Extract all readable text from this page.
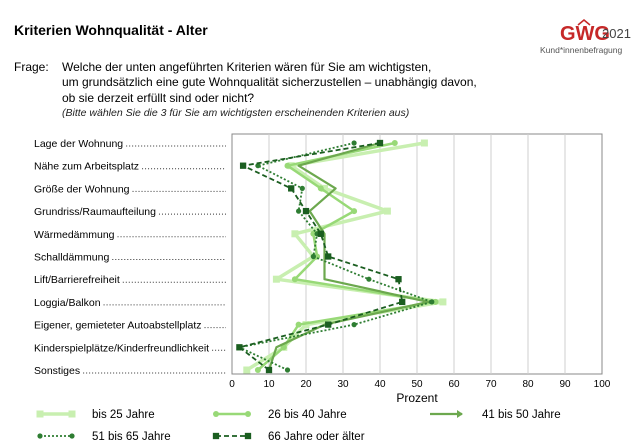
Kriterien Wohnqualität - Alter	GWG
2021
Kund*innenbefragung
Frage: Welche der unten angeführten Kriterien wären für Sie am wichtigsten,
um grundsätzlich eine gute Wohnqualität sicherzustellen – unabhängig davon,
ob sie derzeit erfüllt sind oder nicht?
(Bitte wählen Sie die 3 für Sie am wichtigsten erscheinenden Kriterien aus)
0	10	20	30	40	50	60	70	80	90 100
Prozent
Lage der Wohnung
Nähe zum Arbeitsplatz
Größe der Wohnung
Grundriss/Raumaufteilung
Wärmedämmung
Schalldämmung
Lift/Barrierefreiheit
Loggia/Balkon
Eigener, gemieteter Autoabstellplatz
Kinderspielplätze/Kinderfreundlichkeit
Sonstiges
bis 25 Jahre	26 bis 40 Jahre	41 bis 50 Jahre
51 bis 65 Jahre	66 Jahre oder älter
